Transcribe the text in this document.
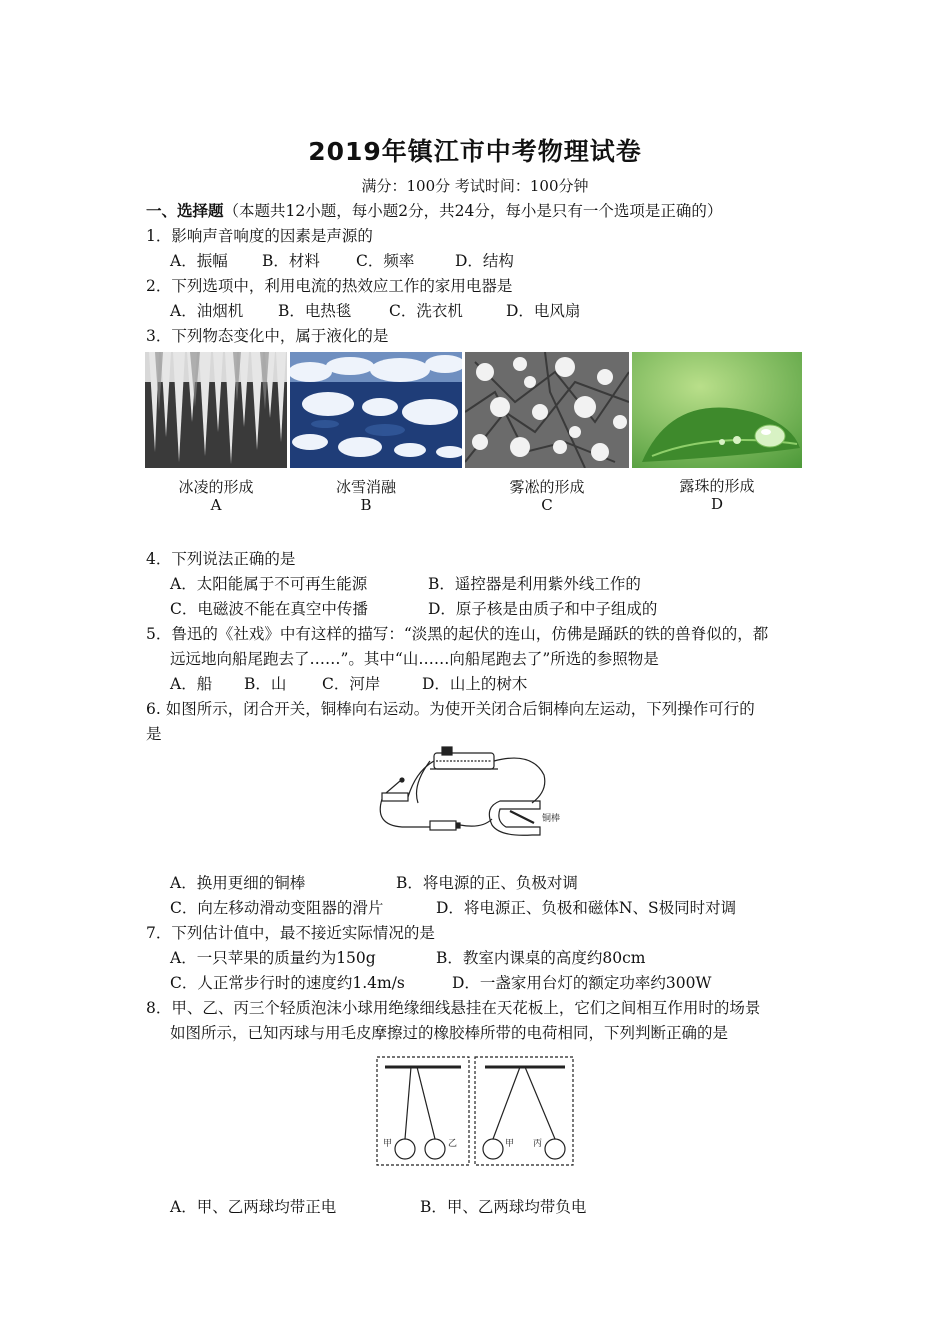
2019年镇江市中考物理试卷
满分：100分 考试时间：100分钟
一、选择题（本题共12小题，每小题2分，共24分，每小是只有一个选项是正确的）
1．影响声音响度的因素是声源的
A．振幅 B．材料 C．频率	D．结构
2．下列选项中，利用电流的热效应工作的家用电器是
A．油烟机 B．电热毯 C．洗衣机	D．电风扇
3．下列物态变化中，属于液化的是
冰凌的形成
A
冰雪消融
B
雾凇的形成
C
露珠的形成
D
4．下列说法正确的是
A．太阳能属于不可再生能源	B．遥控器是利用紫外线工作的
C．电磁波不能在真空中传播	D．原子核是由质子和中子组成的
5．鲁迅的《社戏》中有这样的描写：“淡黑的起伏的连山，仿佛是踊跃的铁的兽脊似的，都
远远地向船尾跑去了……”。其中“山……向船尾跑去了”所选的参照物是
A．船 B．山 C．河岸	D．山上的树木
6. 如图所示，闭合开关，铜棒向右运动。为使开关闭合后铜棒向左运动，下列操作可行的
是
铜棒
A．换用更细的铜棒	B．将电源的正、负极对调
C．向左移动滑动变阻器的滑片	D．将电源正、负极和磁体N、S极同时对调
7．下列估计值中，最不接近实际情况的是
A．一只苹果的质量约为150g	B．教室内课桌的高度约80cm
C．人正常步行时的速度约1.4m/s	D．一盏家用台灯的额定功率约300W
8．甲、乙、丙三个轻质泡沫小球用绝缘细线悬挂在天花板上，它们之间相互作用时的场景
如图所示，已知丙球与用毛皮摩擦过的橡胶棒所带的电荷相同，下列判断正确的是
甲	乙	甲 丙
A．甲、乙两球均带正电	B．甲、乙两球均带负电
